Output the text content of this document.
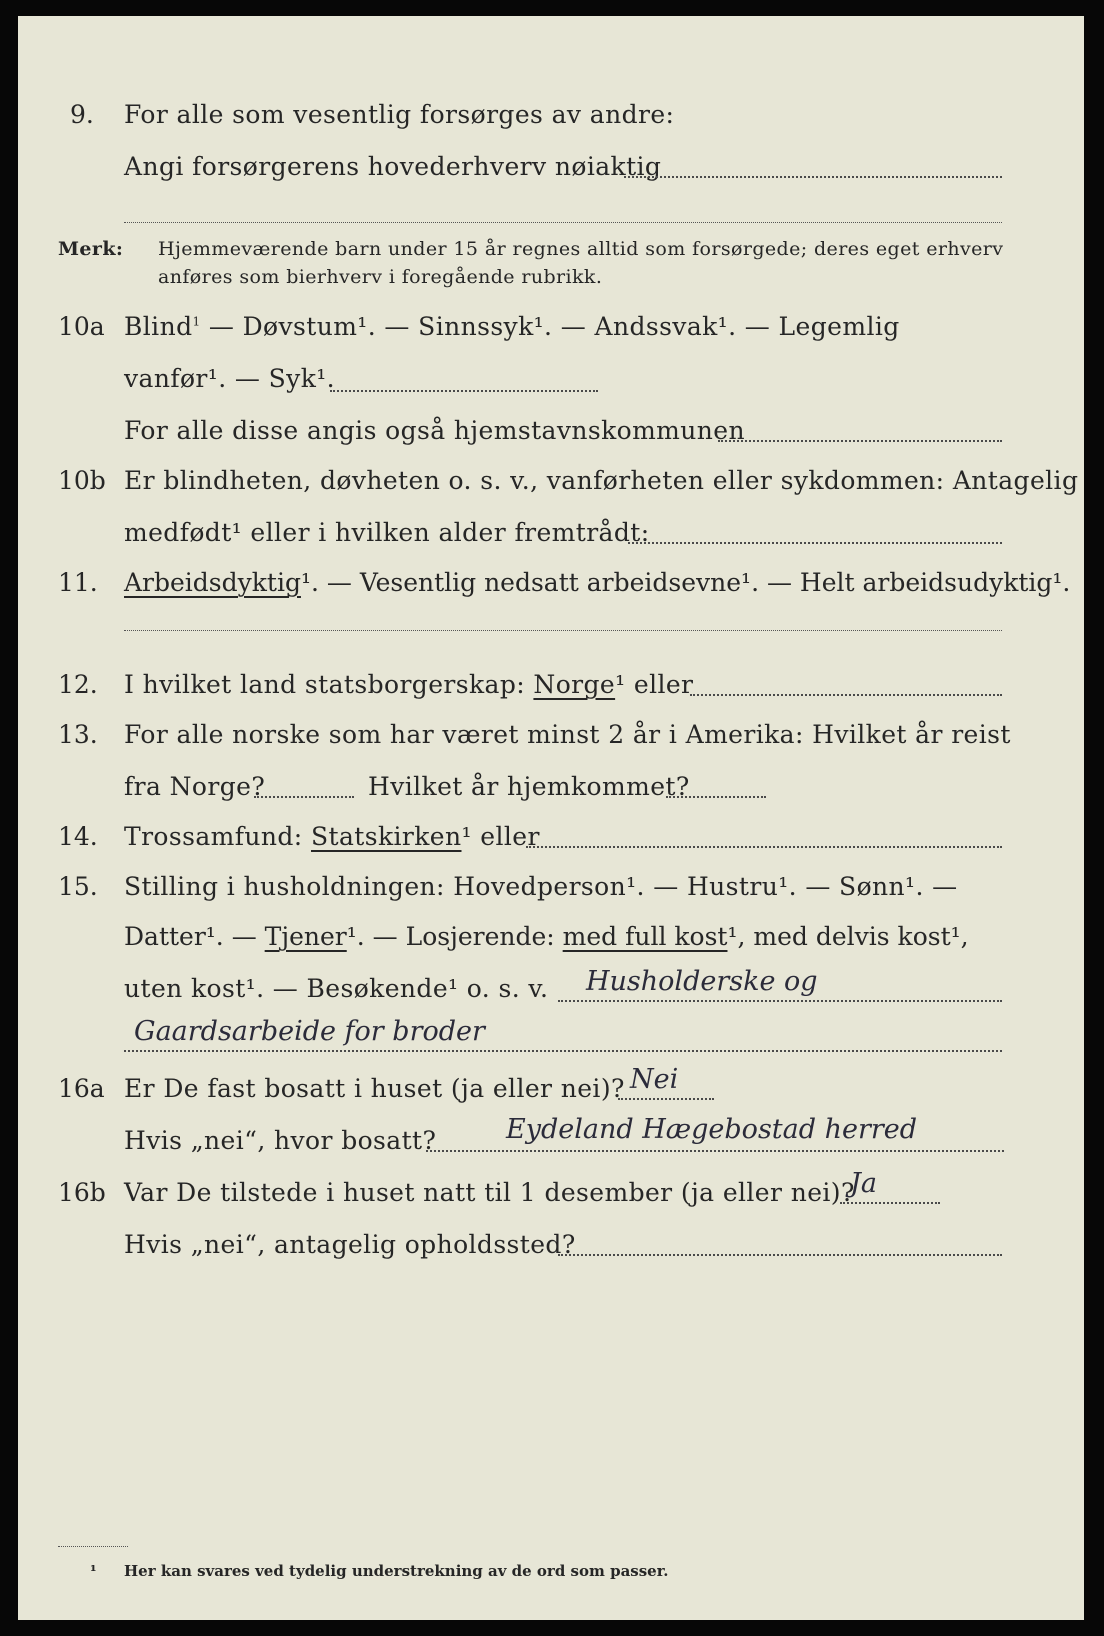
9. For alle som vesentlig forsørges av andre:
Angi forsørgerens hovederhverv nøiaktig
Merk: Hjemmeværende barn under 15 år regnes alltid som forsørgede; deres eget erhverv
anføres som bierhverv i foregående rubrikk.
10a Blind$^1$ — Døvstum¹. — Sinnssyk¹. — Andssvak¹. — Legemlig
vanfør¹. — Syk¹.
For alle disse angis også hjemstavnskommunen
10b Er blindheten, døvheten o. s. v., vanførheten eller sykdommen: Antagelig
medfødt¹ eller i hvilken alder fremtrådt:
11. Arbeidsdyktig¹. — Vesentlig nedsatt arbeidsevne¹. — Helt arbeidsudyktig¹.
12. I hvilket land statsborgerskap: Norge¹ eller
13. For alle norske som har været minst 2 år i Amerika: Hvilket år reist
fra Norge?	Hvilket år hjemkommet?
14. Trossamfund: Statskirken¹ eller
15. Stilling i husholdningen: Hovedperson¹. — Hustru¹. — Sønn¹. —
Datter¹. — Tjener¹. — Losjerende: med full kost¹, med delvis kost¹,
uten kost¹. — Besøkende¹ o. s. v. Husholderske og
Gaardsarbeide for broder
16a Er De fast bosatt i huset (ja eller nei)? Nei
Hvis „nei“, hvor bosatt?	Eydeland Hægebostad herred
16b Var De tilstede i huset natt til 1 desember (ja eller nei)?
Ja
Hvis „nei“, antagelig opholdssted?
¹ Her kan svares ved tydelig understrekning av de ord som passer.
